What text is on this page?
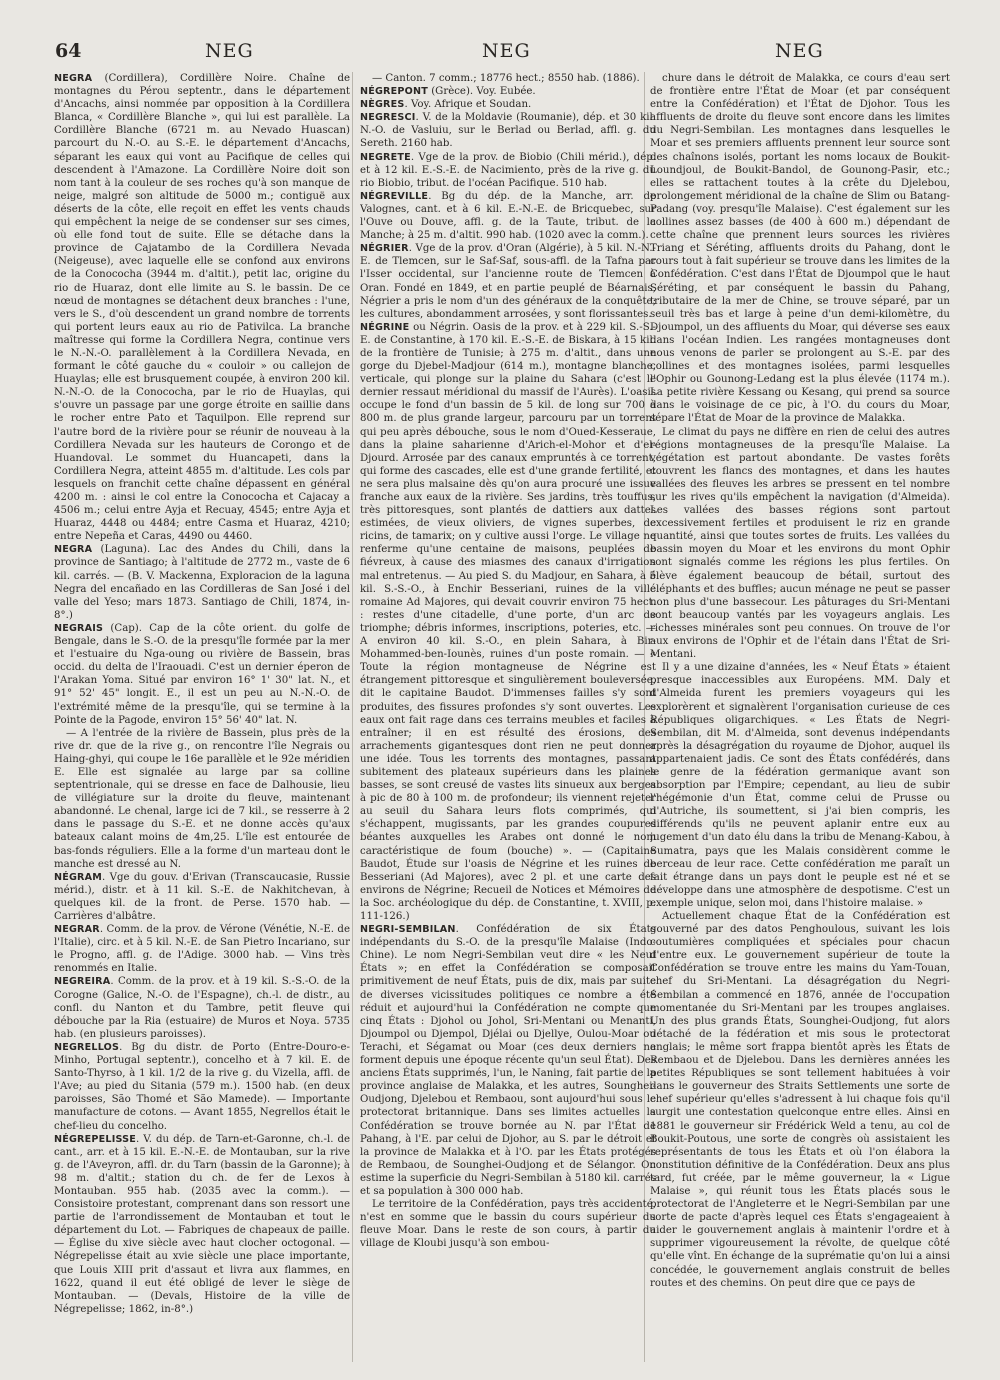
64	NEG	NEG	NEG

NEGRA (Cordillera), Cordillère Noire. Chaîne de montagnes du Pérou septentr., dans le département d'Ancachs, ainsi nommée par opposition à la Cordillera Blanca, « Cordillère Blanche », qui lui est parallèle. La Cordillère Blanche (6721 m. au Nevado Huascan) parcourt du N.-O. au S.-E. le département d'Ancachs, séparant les eaux qui vont au Pacifique de celles qui descendent à l'Amazone. La Cordillère Noire doit son nom tant à la couleur de ses roches qu'à son manque de neige, malgré son altitude de 5000 m.; contiguë aux déserts de la côte, elle reçoit en effet les vents chauds qui empêchent la neige de se condenser sur ses cimes, où elle fond tout de suite. Elle se détache dans la province de Cajatambo de la Cordillera Nevada (Neigeuse), avec laquelle elle se confond aux environs de la Conococha (3944 m. d'altit.), petit lac, origine du rio de Huaraz, dont elle limite au S. le bassin. De ce nœud de montagnes se détachent deux branches : l'une, vers le S., d'où descendent un grand nombre de torrents qui portent leurs eaux au rio de Pativilca. La branche maîtresse qui forme la Cordillera Negra, continue vers le N.-N.-O. parallèlement à la Cordillera Nevada, en formant le côté gauche du « couloir » ou callejon de Huaylas; elle est brusquement coupée, à environ 200 kil. N.-N.-O. de la Conococha, par le rio de Huaylas, qui s'ouvre un passage par une gorge étroite en saillie dans le rocher entre Pato et Taquilpon. Elle reprend sur l'autre bord de la rivière pour se réunir de nouveau à la Cordillera Nevada sur les hauteurs de Corongo et de Huandoval. Le sommet du Huancapeti, dans la Cordillera Negra, atteint 4855 m. d'altitude. Les cols par lesquels on franchit cette chaîne dépassent en général 4200 m. : ainsi le col entre la Conococha et Cajacay a 4506 m.; celui entre Ayja et Recuay, 4545; entre Ayja et Huaraz, 4448 ou 4484; entre Casma et Huaraz, 4210; entre Nepeña et Caras, 4490 ou 4460.

NEGRA (Laguna). Lac des Andes du Chili, dans la province de Santiago; à l'altitude de 2772 m., vaste de 6 kil. carrés. — (B. V. Mackenna, Exploracion de la laguna Negra del encañado en las Cordilleras de San José i del valle del Yeso; mars 1873. Santiago de Chili, 1874, in-8°.)

NEGRAIS (Cap). Cap de la côte orient. du golfe de Bengale, dans le S.-O. de la presqu'île formée par la mer et l'estuaire du Nga-oung ou rivière de Bassein, bras occid. du delta de l'Iraouadi. C'est un dernier éperon de l'Arakan Yoma. Situé par environ 16° 1' 30" lat. N., et 91° 52' 45" longit. E., il est un peu au N.-N.-O. de l'extrémité même de la presqu'île, qui se termine à la Pointe de la Pagode, environ 15° 56' 40" lat. N.

— A l'entrée de la rivière de Bassein, plus près de la rive dr. que de la rive g., on rencontre l'île Negrais ou Haing-ghyi, qui coupe le 16e parallèle et le 92e méridien E. Elle est signalée au large par sa colline septentrionale, qui se dresse en face de Dalhousie, lieu de villégiature sur la droite du fleuve, maintenant abandonné. Le chenal, large ici de 7 kil., se resserre à 2 dans le passage du S.-E. et ne donne accès qu'aux bateaux calant moins de 4m,25. L'île est entourée de bas-fonds réguliers. Elle a la forme d'un marteau dont le manche est dressé au N.

NÉGRAM. Vge du gouv. d'Erivan (Transcaucasie, Russie mérid.), distr. et à 11 kil. S.-E. de Nakhitchevan, à quelques kil. de la front. de Perse. 1570 hab. — Carrières d'albâtre.

NEGRAR. Comm. de la prov. de Vérone (Vénétie, N.-E. de l'Italie), circ. et à 5 kil. N.-E. de San Pietro Incariano, sur le Progno, affl. g. de l'Adige. 3000 hab. — Vins très renommés en Italie.

NEGREIRA. Comm. de la prov. et à 19 kil. S.-S.-O. de la Corogne (Galice, N.-O. de l'Espagne), ch.-l. de distr., au confl. du Nanton et du Tambre, petit fleuve qui débouche par la Ria (estuaire) de Muros et Noya. 5735 hab. (en plusieurs paroisses).

NEGRELLOS. Bg du distr. de Porto (Entre-Douro-e-Minho, Portugal septentr.), concelho et à 7 kil. E. de Santo-Thyrso, à 1 kil. 1/2 de la rive g. du Vizella, affl. de l'Ave; au pied du Sitania (579 m.). 1500 hab. (en deux paroisses, São Thomé et São Mamede). — Importante manufacture de cotons. — Avant 1855, Negrellos était le chef-lieu du concelho.

NÉGREPELISSE. V. du dép. de Tarn-et-Garonne, ch.-l. de cant., arr. et à 15 kil. E.-N.-E. de Montauban, sur la rive g. de l'Aveyron, affl. dr. du Tarn (bassin de la Garonne); à 98 m. d'altit.; station du ch. de fer de Lexos à Montauban. 955 hab. (2035 avec la comm.). — Consistoire protestant, comprenant dans son ressort une partie de l'arrondissement de Montauban et tout le département du Lot. — Fabriques de chapeaux de paille. — Église du xive siècle avec haut clocher octogonal. — Négrepelisse était au xvie siècle une place importante, que Louis XIII prit d'assaut et livra aux flammes, en 1622, quand il eut été obligé de lever le siège de Montauban. — (Devals, Histoire de la ville de Négrepelisse; 1862, in-8°.)

— Canton. 7 comm.; 18776 hect.; 8550 hab. (1886).

NÉGREPONT (Grèce). Voy. Eubée.

NÈGRES. Voy. Afrique et Soudan.

NEGRESCI. V. de la Moldavie (Roumanie), dép. et 30 kil. N.-O. de Vasluiu, sur le Berlad ou Berlad, affl. g. du Sereth. 2160 hab.

NEGRETE. Vge de la prov. de Biobio (Chili mérid.), dép. et à 12 kil. E.-S.-E. de Nacimiento, près de la rive g. du rio Biobio, tribut. de l'océan Pacifique. 510 hab.

NÉGREVILLE. Bg du dép. de la Manche, arr. de Valognes, cant. et à 6 kil. E.-N.-E. de Bricquebec, sur l'Ouve ou Douve, affl. g. de la Taute, tribut. de la Manche; à 25 m. d'altit. 990 hab. (1020 avec la comm.).

NÉGRIER. Vge de la prov. d'Oran (Algérie), à 5 kil. N.-N.-E. de Tlemcen, sur le Saf-Saf, sous-affl. de la Tafna par l'Isser occidental, sur l'ancienne route de Tlemcen à Oran. Fondé en 1849, et en partie peuplé de Béarnais, Négrier a pris le nom d'un des généraux de la conquête; les cultures, abondamment arrosées, y sont florissantes.

NÉGRINE ou Négrin. Oasis de la prov. et à 229 kil. S.-S.-E. de Constantine, à 170 kil. E.-S.-E. de Biskara, à 15 kil. de la frontière de Tunisie; à 275 m. d'altit., dans une gorge du Djebel-Madjour (614 m.), montagne blanche, verticale, qui plonge sur la plaine du Sahara (c'est le dernier ressaut méridional du massif de l'Aurès). L'oasis occupe le fond d'un bassin de 5 kil. de long sur 700 à 800 m. de plus grande largeur, parcouru par un torrent qui peu après débouche, sous le nom d'Oued-Kesseraue, dans la plaine saharienne d'Arich-el-Mohor et d'el-Djourd. Arrosée par des canaux empruntés à ce torrent, qui forme des cascades, elle est d'une grande fertilité, et ne sera plus malsaine dès qu'on aura procuré une issue franche aux eaux de la rivière. Ses jardins, très touffus, très pittoresques, sont plantés de dattiers aux dattes estimées, de vieux oliviers, de vignes superbes, de ricins, de tamarix; on y cultive aussi l'orge. Le village ne renferme qu'une centaine de maisons, peuplées de fiévreux, à cause des miasmes des canaux d'irrigation mal entretenus. — Au pied S. du Madjour, en Sahara, à 5 kil. S.-S.-O., à Enchir Besseriani, ruines de la ville romaine Ad Majores, qui devait couvrir environ 75 hect. : restes d'une citadelle, d'une porte, d'un arc de triomphe; débris informes, inscriptions, poteries, etc. — A environ 40 kil. S.-O., en plein Sahara, à Bir-Mohammed-ben-Iounès, ruines d'un poste romain. — « Toute la région montagneuse de Négrine est étrangement pittoresque et singulièrement bouleversée, dit le capitaine Baudot. D'immenses failles s'y sont produites, des fissures profondes s'y sont ouvertes. Les eaux ont fait rage dans ces terrains meubles et faciles à entraîner; il en est résulté des érosions, des arrachements gigantesques dont rien ne peut donner une idée. Tous les torrents des montagnes, passant subitement des plateaux supérieurs dans les plaines basses, se sont creusé de vastes lits sinueux aux berges à pic de 80 à 100 m. de profondeur; ils viennent rejeter au seuil du Sahara leurs flots comprimés, qui s'échappent, mugissants, par les grandes coupures béantes auxquelles les Arabes ont donné le nom caractéristique de foum (bouche) ». — (Capitaine Baudot, Étude sur l'oasis de Négrine et les ruines de Besseriani (Ad Majores), avec 2 pl. et une carte des environs de Négrine; Recueil de Notices et Mémoires de la Soc. archéologique du dép. de Constantine, t. XVIII, p. 111-126.)

NEGRI-SEMBILAN. Confédération de six États indépendants du S.-O. de la presqu'île Malaise (Indo-Chine). Le nom Negri-Sembilan veut dire « les Neuf États »; en effet la Confédération se composait primitivement de neuf États, puis de dix, mais par suite de diverses vicissitudes politiques ce nombre a été réduit et aujourd'hui la Confédération ne compte que cinq États : Djohol ou Johol, Sri-Mentani ou Menanti, Djoumpol ou Djempol, Djélai ou Djellye, Oulou-Moar ou Terachi, et Ségamat ou Moar (ces deux derniers ne forment depuis une époque récente qu'un seul État). Des anciens États supprimés, l'un, le Naning, fait partie de la province anglaise de Malakka, et les autres, Sounghei-Oudjong, Djelebou et Rembaou, sont aujourd'hui sous le protectorat britannique. Dans ses limites actuelles la Confédération se trouve bornée au N. par l'État de Pahang, à l'E. par celui de Djohor, au S. par le détroit et la province de Malakka et à l'O. par les États protégés de Rembaou, de Sounghei-Oudjong et de Sélangor. On estime la superficie du Negri-Sembilan à 5180 kil. carrés et sa population à 300 000 hab.

Le territoire de la Confédération, pays très accidenté, n'est en somme que le bassin du cours supérieur du fleuve Moar. Dans le reste de son cours, à partir du village de Kloubi jusqu'à son embou-

chure dans le détroit de Malakka, ce cours d'eau sert de frontière entre l'État de Moar (et par conséquent entre la Confédération) et l'État de Djohor. Tous les affluents de droite du fleuve sont encore dans les limites du Negri-Sembilan. Les montagnes dans lesquelles le Moar et ses premiers affluents prennent leur source sont des chaînons isolés, portant les noms locaux de Boukit-Loundjoul, de Boukit-Bandol, de Gounong-Pasir, etc.; elles se rattachent toutes à la crête du Djelebou, prolongement méridional de la chaîne de Slim ou Batang-Padang (voy. presqu'île Malaise). C'est également sur les collines assez basses (de 400 à 600 m.) dépendant de cette chaîne que prennent leurs sources les rivières Triang et Séréting, affluents droits du Pahang, dont le cours tout à fait supérieur se trouve dans les limites de la Confédération. C'est dans l'État de Djoumpol que le haut Séréting, et par conséquent le bassin du Pahang, tributaire de la mer de Chine, se trouve séparé, par un seuil très bas et large à peine d'un demi-kilomètre, du Djoumpol, un des affluents du Moar, qui déverse ses eaux dans l'océan Indien. Les rangées montagneuses dont nous venons de parler se prolongent au S.-E. par des collines et des montagnes isolées, parmi lesquelles l'Ophir ou Gounong-Ledang est la plus élevée (1174 m.). La petite rivière Kessang ou Kesang, qui prend sa source dans le voisinage de ce pic, à l'O. du cours du Moar, sépare l'État de Moar de la province de Malakka.

Le climat du pays ne diffère en rien de celui des autres régions montagneuses de la presqu'île Malaise. La végétation est partout abondante. De vastes forêts couvrent les flancs des montagnes, et dans les hautes vallées des fleuves les arbres se pressent en tel nombre sur les rives qu'ils empêchent la navigation (d'Almeida). Les vallées des basses régions sont partout excessivement fertiles et produisent le riz en grande quantité, ainsi que toutes sortes de fruits. Les vallées du bassin moyen du Moar et les environs du mont Ophir sont signalés comme les régions les plus fertiles. On élève également beaucoup de bétail, surtout des éléphants et des buffles; aucun ménage ne peut se passer non plus d'une bassecour. Les pâturages du Sri-Mentani sont beaucoup vantés par les voyageurs anglais. Les richesses minérales sont peu connues. On trouve de l'or aux environs de l'Ophir et de l'étain dans l'État de Sri-Mentani.

Il y a une dizaine d'années, les « Neuf États » étaient presque inaccessibles aux Européens. MM. Daly et d'Almeida furent les premiers voyageurs qui les explorèrent et signalèrent l'organisation curieuse de ces Républiques oligarchiques. « Les États de Negri-Sembilan, dit M. d'Almeida, sont devenus indépendants après la désagrégation du royaume de Djohor, auquel ils appartenaient jadis. Ce sont des États confédérés, dans le genre de la fédération germanique avant son absorption par l'Empire; cependant, au lieu de subir l'hégémonie d'un État, comme celui de Prusse ou d'Autriche, ils soumettent, si j'ai bien compris, les différends qu'ils ne peuvent aplanir entre eux au jugement d'un dato élu dans la tribu de Menang-Kabou, à Sumatra, pays que les Malais considèrent comme le berceau de leur race. Cette confédération me paraît un fait étrange dans un pays dont le peuple est né et se développe dans une atmosphère de despotisme. C'est un exemple unique, selon moi, dans l'histoire malaise. »

Actuellement chaque État de la Confédération est gouverné par des datos Penghoulous, suivant les lois coutumières compliquées et spéciales pour chacun d'entre eux. Le gouvernement supérieur de toute la Confédération se trouve entre les mains du Yam-Touan, chef du Sri-Mentani. La désagrégation du Negri-Sembilan a commencé en 1876, année de l'occupation momentanée du Sri-Mentani par les troupes anglaises. Un des plus grands États, Sounghei-Oudjong, fut alors détaché de la fédération et mis sous le protectorat anglais; le même sort frappa bientôt après les États de Rembaou et de Djelebou. Dans les dernières années les petites Républiques se sont tellement habituées à voir dans le gouverneur des Straits Settlements une sorte de chef supérieur qu'elles s'adressent à lui chaque fois qu'il surgit une contestation quelconque entre elles. Ainsi en 1881 le gouverneur sir Frédérick Weld a tenu, au col de Boukit-Poutous, une sorte de congrès où assistaient les représentants de tous les États et où l'on élabora la constitution définitive de la Confédération. Deux ans plus tard, fut créée, par le même gouverneur, la « Ligue Malaise », qui réunit tous les États placés sous le protectorat de l'Angleterre et le Negri-Sembilan par une sorte de pacte d'après lequel ces États s'engageaient à aider le gouvernement anglais à maintenir l'ordre et à supprimer vigoureusement la révolte, de quelque côté qu'elle vînt. En échange de la suprématie qu'on lui a ainsi concédée, le gouvernement anglais construit de belles routes et des chemins. On peut dire que ce pays de
